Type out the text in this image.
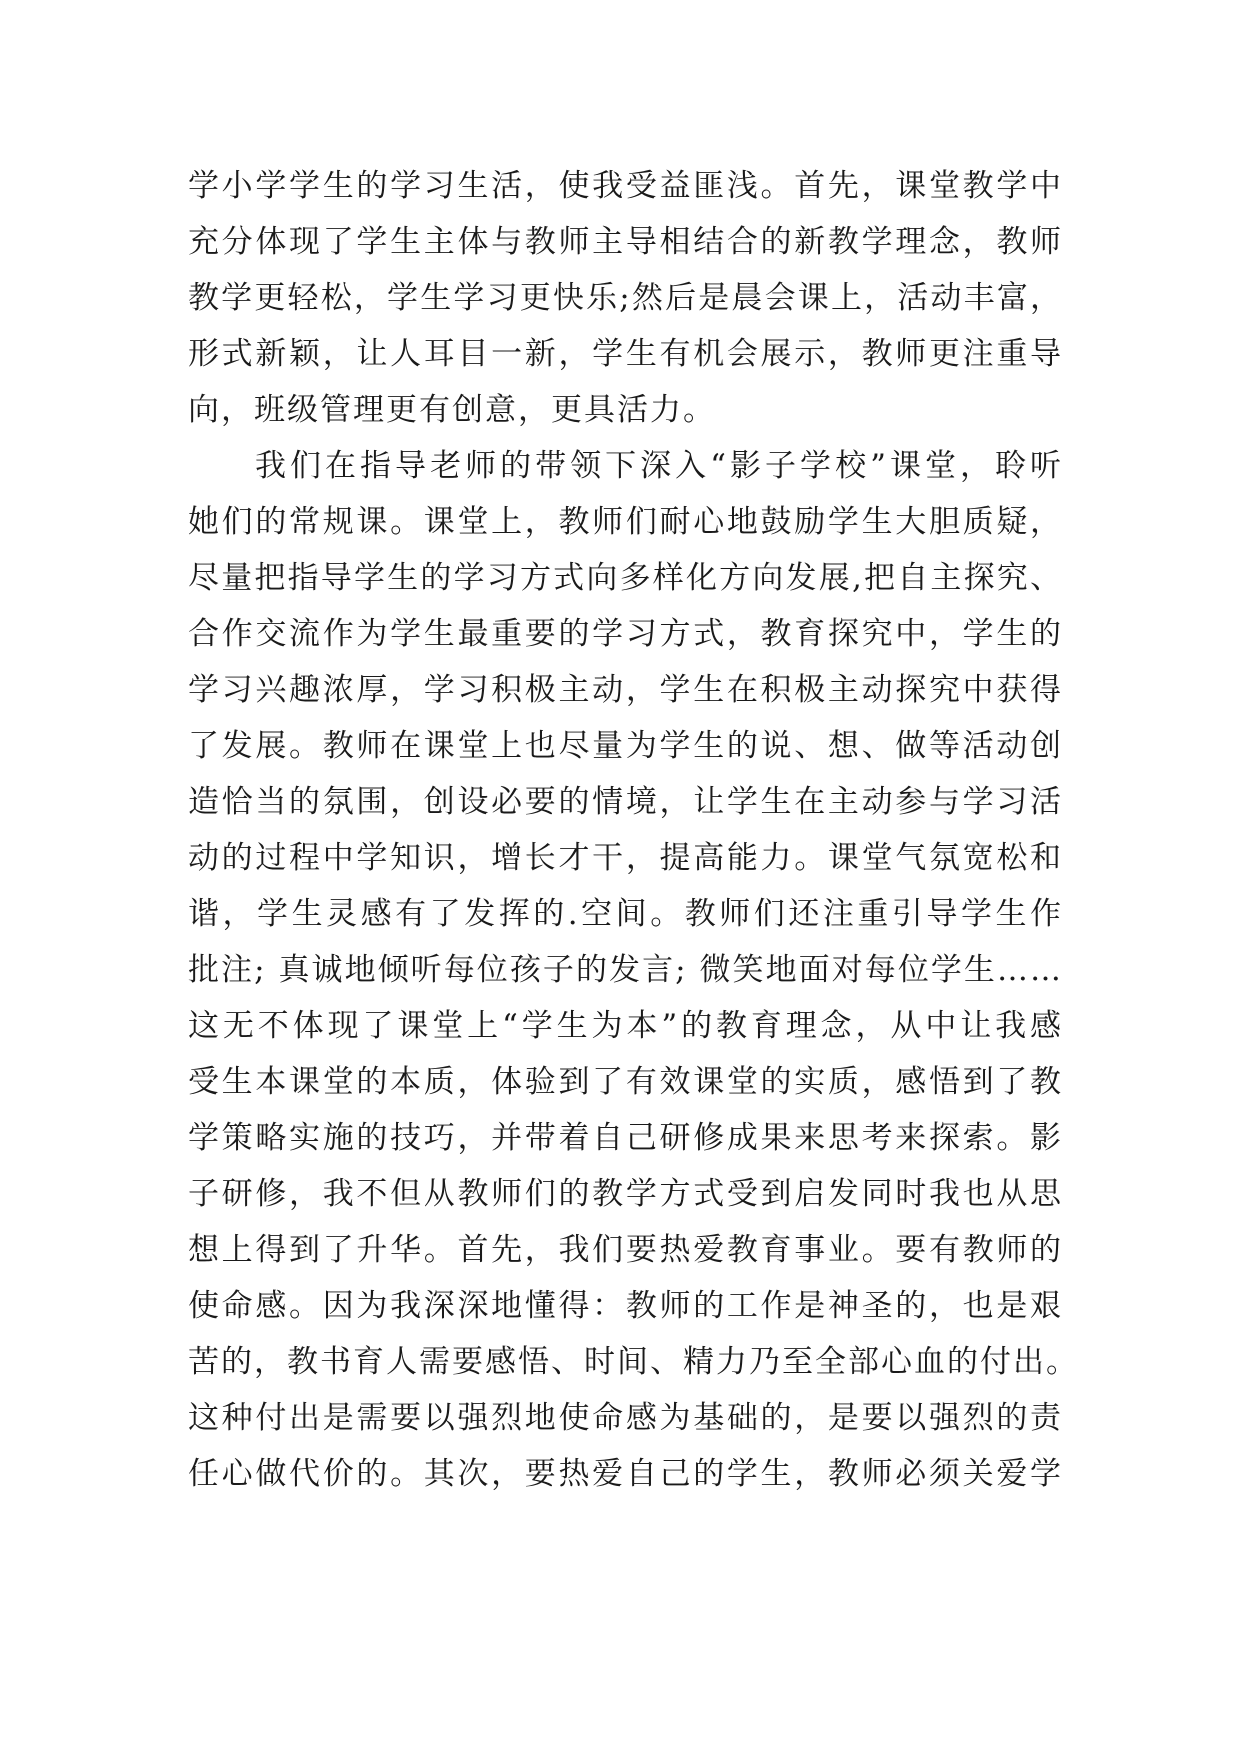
学小学学生的学习生活，使我受益匪浅。首先，课堂教学中
充分体现了学生主体与教师主导相结合的新教学理念，教师
教学更轻松，学生学习更快乐;然后是晨会课上，活动丰富，
形式新颖，让人耳目一新，学生有机会展示，教师更注重导
向，班级管理更有创意，更具活力。
我们在指导老师的带领下深入“影子学校”课堂，聆听
她们的常规课。课堂上，教师们耐心地鼓励学生大胆质疑，
尽量把指导学生的学习方式向多样化方向发展,把自主探究、
合作交流作为学生最重要的学习方式，教育探究中，学生的
学习兴趣浓厚，学习积极主动，学生在积极主动探究中获得
了发展。教师在课堂上也尽量为学生的说、想、做等活动创
造恰当的氛围，创设必要的情境，让学生在主动参与学习活
动的过程中学知识，增长才干，提高能力。课堂气氛宽松和
谐，学生灵感有了发挥的.空间。教师们还注重引导学生作
批注; 真诚地倾听每位孩子的发言; 微笑地面对每位学生……
这无不体现了课堂上“学生为本”的教育理念，从中让我感
受生本课堂的本质，体验到了有效课堂的实质，感悟到了教
学策略实施的技巧，并带着自己研修成果来思考来探索。影
子研修，我不但从教师们的教学方式受到启发同时我也从思
想上得到了升华。首先，我们要热爱教育事业。要有教师的
使命感。因为我深深地懂得：教师的工作是神圣的，也是艰
苦的，教书育人需要感悟、时间、精力乃至全部心血的付出。
这种付出是需要以强烈地使命感为基础的，是要以强烈的责
任心做代价的。其次，要热爱自己的学生，教师必须关爱学
